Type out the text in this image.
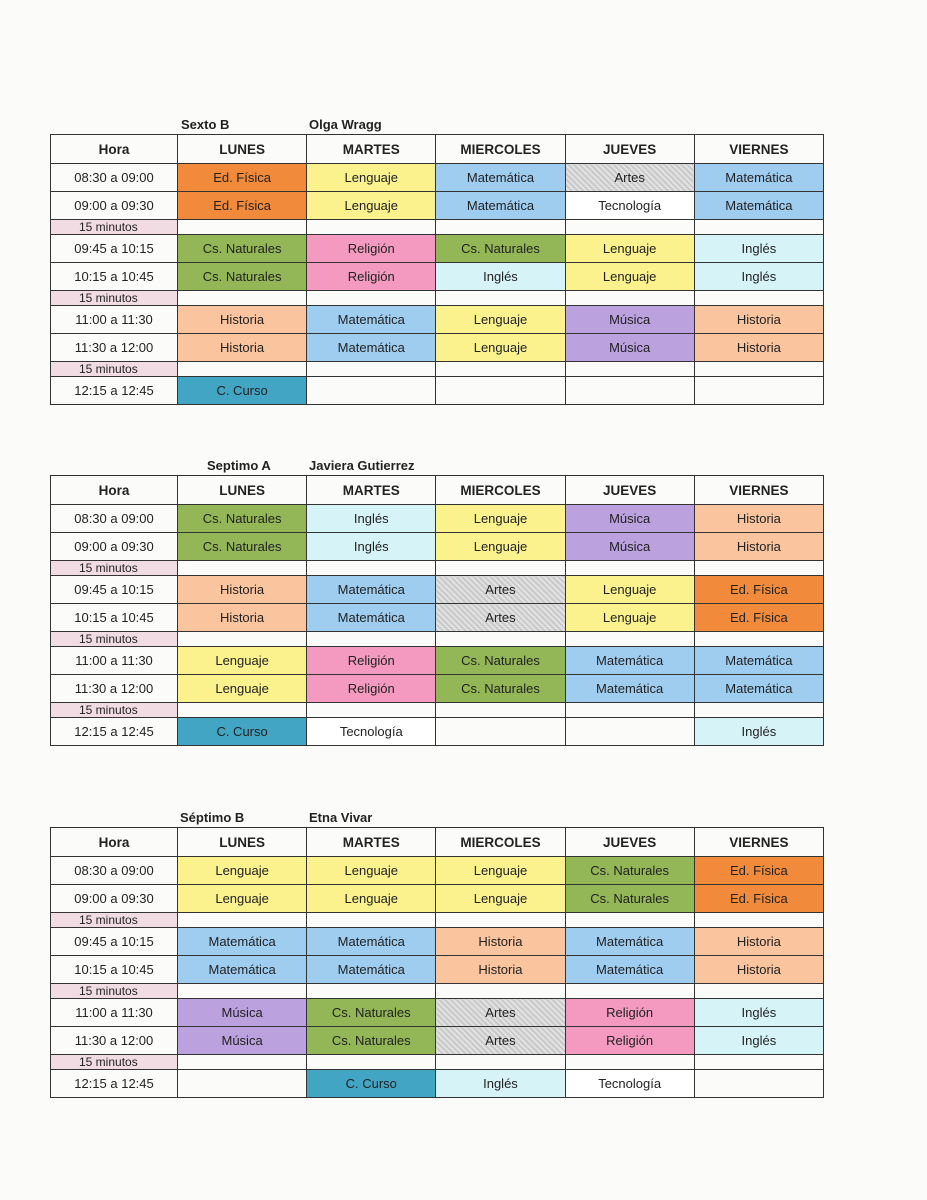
Sexto B	Olga Wragg
Hora	LUNES	MARTES	MIERCOLES	JUEVES	VIERNES
08:30 a 09:00	Ed. Física	Lenguaje	Matemática	Artes	Matemática
09:00 a 09:30	Ed. Física	Lenguaje	Matemática	Tecnología	Matemática
15 minutos					
09:45 a 10:15	Cs. Naturales	Religión	Cs. Naturales	Lenguaje	Inglés
10:15 a 10:45	Cs. Naturales	Religión	Inglés	Lenguaje	Inglés
15 minutos					
11:00 a 11:30	Historia	Matemática	Lenguaje	Música	Historia
11:30 a 12:00	Historia	Matemática	Lenguaje	Música	Historia
15 minutos					
12:15 a 12:45	C. Curso				
Septimo A	Javiera Gutierrez
Hora	LUNES	MARTES	MIERCOLES	JUEVES	VIERNES
08:30 a 09:00	Cs. Naturales	Inglés	Lenguaje	Música	Historia
09:00 a 09:30	Cs. Naturales	Inglés	Lenguaje	Música	Historia
15 minutos					
09:45 a 10:15	Historia	Matemática	Artes	Lenguaje	Ed. Física
10:15 a 10:45	Historia	Matemática	Artes	Lenguaje	Ed. Física
15 minutos					
11:00 a 11:30	Lenguaje	Religión	Cs. Naturales	Matemática	Matemática
11:30 a 12:00	Lenguaje	Religión	Cs. Naturales	Matemática	Matemática
15 minutos					
12:15 a 12:45	C. Curso	Tecnología			Inglés
Séptimo B	Etna Vivar
Hora	LUNES	MARTES	MIERCOLES	JUEVES	VIERNES
08:30 a 09:00	Lenguaje	Lenguaje	Lenguaje	Cs. Naturales	Ed. Física
09:00 a 09:30	Lenguaje	Lenguaje	Lenguaje	Cs. Naturales	Ed. Física
15 minutos					
09:45 a 10:15	Matemática	Matemática	Historia	Matemática	Historia
10:15 a 10:45	Matemática	Matemática	Historia	Matemática	Historia
15 minutos					
11:00 a 11:30	Música	Cs. Naturales	Artes	Religión	Inglés
11:30 a 12:00	Música	Cs. Naturales	Artes	Religión	Inglés
15 minutos					
12:15 a 12:45		C. Curso	Inglés	Tecnología	
